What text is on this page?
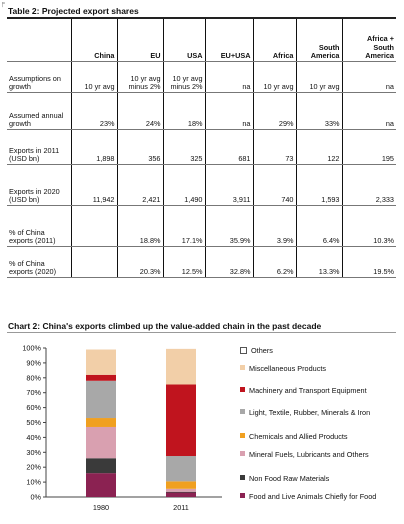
╒
Table 2: Projected export shares
	China	EU	USA	EU+USA	Africa	South America	Africa + South America
Assumptions on growth	10 yr avg	10 yr avg minus 2%	10 yr avg minus 2%	na	10 yr avg	10 yr avg	na
Assumed annual growth	23%	24%	18%	na	29%	33%	na
Exports in 2011 (USD bn)	1,898	356	325	681	73	122	195
Exports in 2020 (USD bn)	11,942	2,421	1,490	3,911	740	1,593	2,333
% of China exports (2011)		18.8%	17.1%	35.9%	3.9%	6.4%	10.3%
% of China exports (2020)		20.3%	12.5%	32.8%	6.2%	13.3%	19.5%
Chart 2: China's exports climbed up the value-added chain in the past decade
0%
10%
20%
30%
40%
50%
60%
70%
80%
90%
100%
1980	2011
Others
Miscellaneous Products
Machinery and Transport Equipment
Light, Textile, Rubber, Minerals & Iron
Chemicals and Allied Products
Mineral Fuels, Lubricants and Others
Non Food Raw Materials
Food and Live Animals Chiefly for Food
